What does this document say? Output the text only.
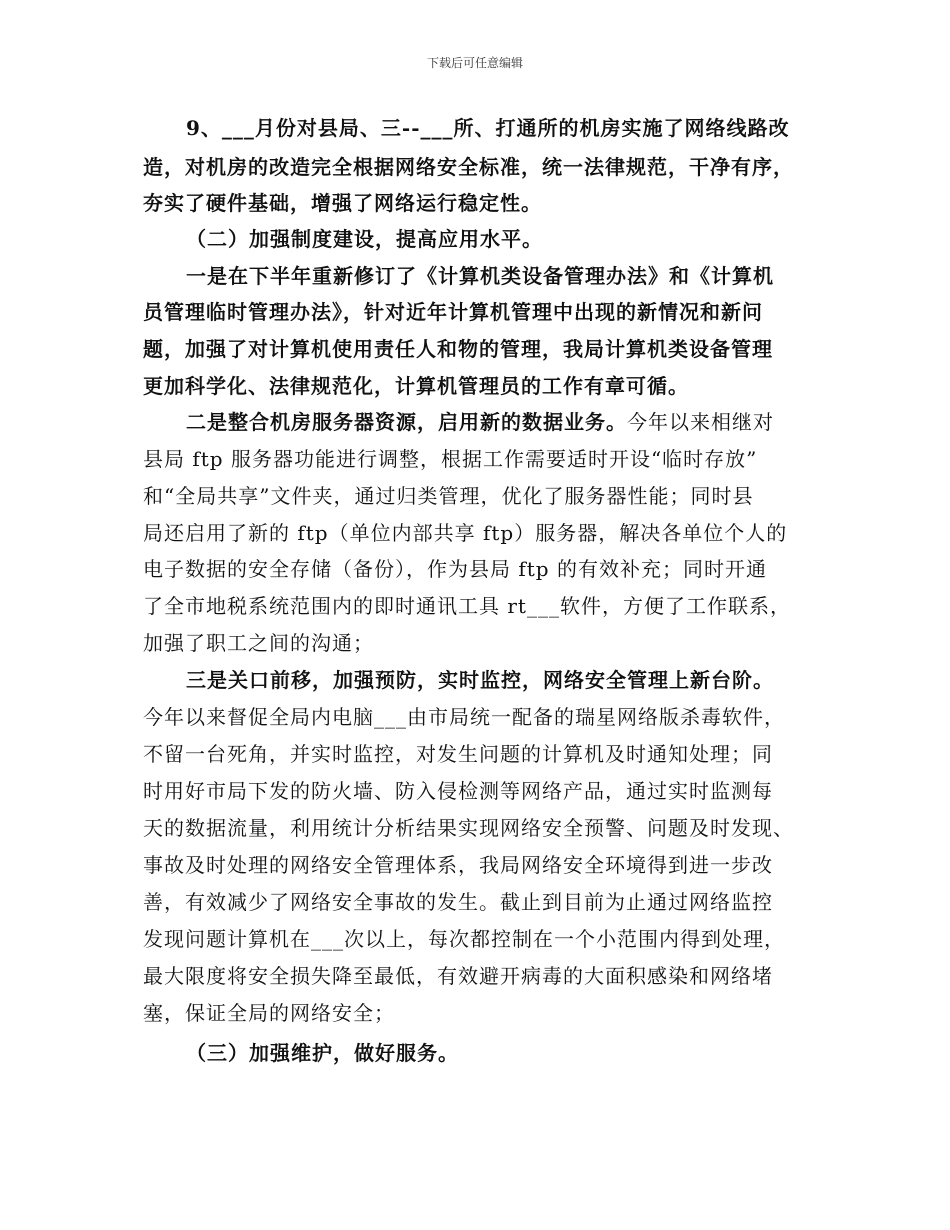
下载后可任意编辑
9、___月份对县局、三--___所、打通所的机房实施了网络线路改
造，对机房的改造完全根据网络安全标准，统一法律规范，干净有序，
夯实了硬件基础，增强了网络运行稳定性。
（二）加强制度建设，提高应用水平。
一是在下半年重新修订了《计算机类设备管理办法》和《计算机
员管理临时管理办法》，针对近年计算机管理中出现的新情况和新问
题，加强了对计算机使用责任人和物的管理，我局计算机类设备管理
更加科学化、法律规范化，计算机管理员的工作有章可循。
二是整合机房服务器资源，启用新的数据业务。今年以来相继对
县局 ftp 服务器功能进行调整，根据工作需要适时开设“临时存放”
和“全局共享”文件夹，通过归类管理，优化了服务器性能；同时县
局还启用了新的 ftp（单位内部共享 ftp）服务器，解决各单位个人的
电子数据的安全存储（备份），作为县局 ftp 的有效补充；同时开通
了全市地税系统范围内的即时通讯工具 rt___软件，方便了工作联系，
加强了职工之间的沟通；
三是关口前移，加强预防，实时监控，网络安全管理上新台阶。
今年以来督促全局内电脑___由市局统一配备的瑞星网络版杀毒软件，
不留一台死角，并实时监控，对发生问题的计算机及时通知处理；同
时用好市局下发的防火墙、防入侵检测等网络产品，通过实时监测每
天的数据流量，利用统计分析结果实现网络安全预警、问题及时发现、
事故及时处理的网络安全管理体系，我局网络安全环境得到进一步改
善，有效减少了网络安全事故的发生。截止到目前为止通过网络监控
发现问题计算机在___次以上，每次都控制在一个小范围内得到处理，
最大限度将安全损失降至最低，有效避开病毒的大面积感染和网络堵
塞，保证全局的网络安全；
（三）加强维护，做好服务。
